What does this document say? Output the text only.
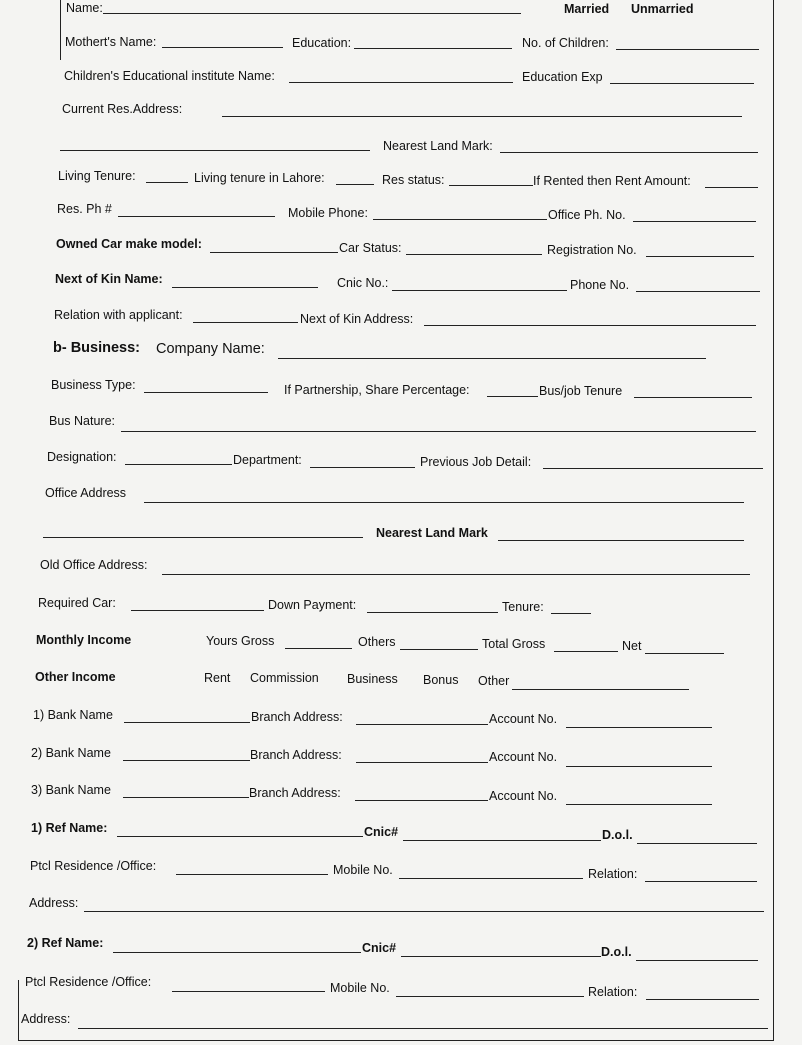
Name:	Married Unmarried
Mothert's Name:	Education:	No. of Children:
Children's Educational institute Name:	Education Exp
Current Res.Address:
Nearest Land Mark:
Living Tenure:	Living tenure in Lahore:	Res status:	If Rented then Rent Amount:
Res. Ph #	Mobile Phone:	Office Ph. No.
Owned Car make model:	Car Status:	Registration No.
Next of Kin Name:	Cnic No.:	Phone No.
Relation with applicant:	Next of Kin Address:
b- Business: Company Name:
Business Type:	If Partnership, Share Percentage:	Bus/job Tenure
Bus Nature:
Designation:	Department:	Previous Job Detail:
Office Address
Nearest Land Mark
Old Office Address:
Required Car:	Down Payment:	Tenure:
Monthly Income	Yours Gross	Others	Total Gross	Net
Other Income	Rent Commission Business Bonus Other
1) Bank Name	Branch Address:	Account No.
2) Bank Name	Branch Address:	Account No.
3) Bank Name	Branch Address:	Account No.
1) Ref Name:	Cnic#	D.o.l.
Ptcl Residence /Office:	Mobile No.	Relation:
Address:
2) Ref Name:	Cnic#	D.o.l.
Ptcl Residence /Office:	Mobile No.	Relation:
Address:
